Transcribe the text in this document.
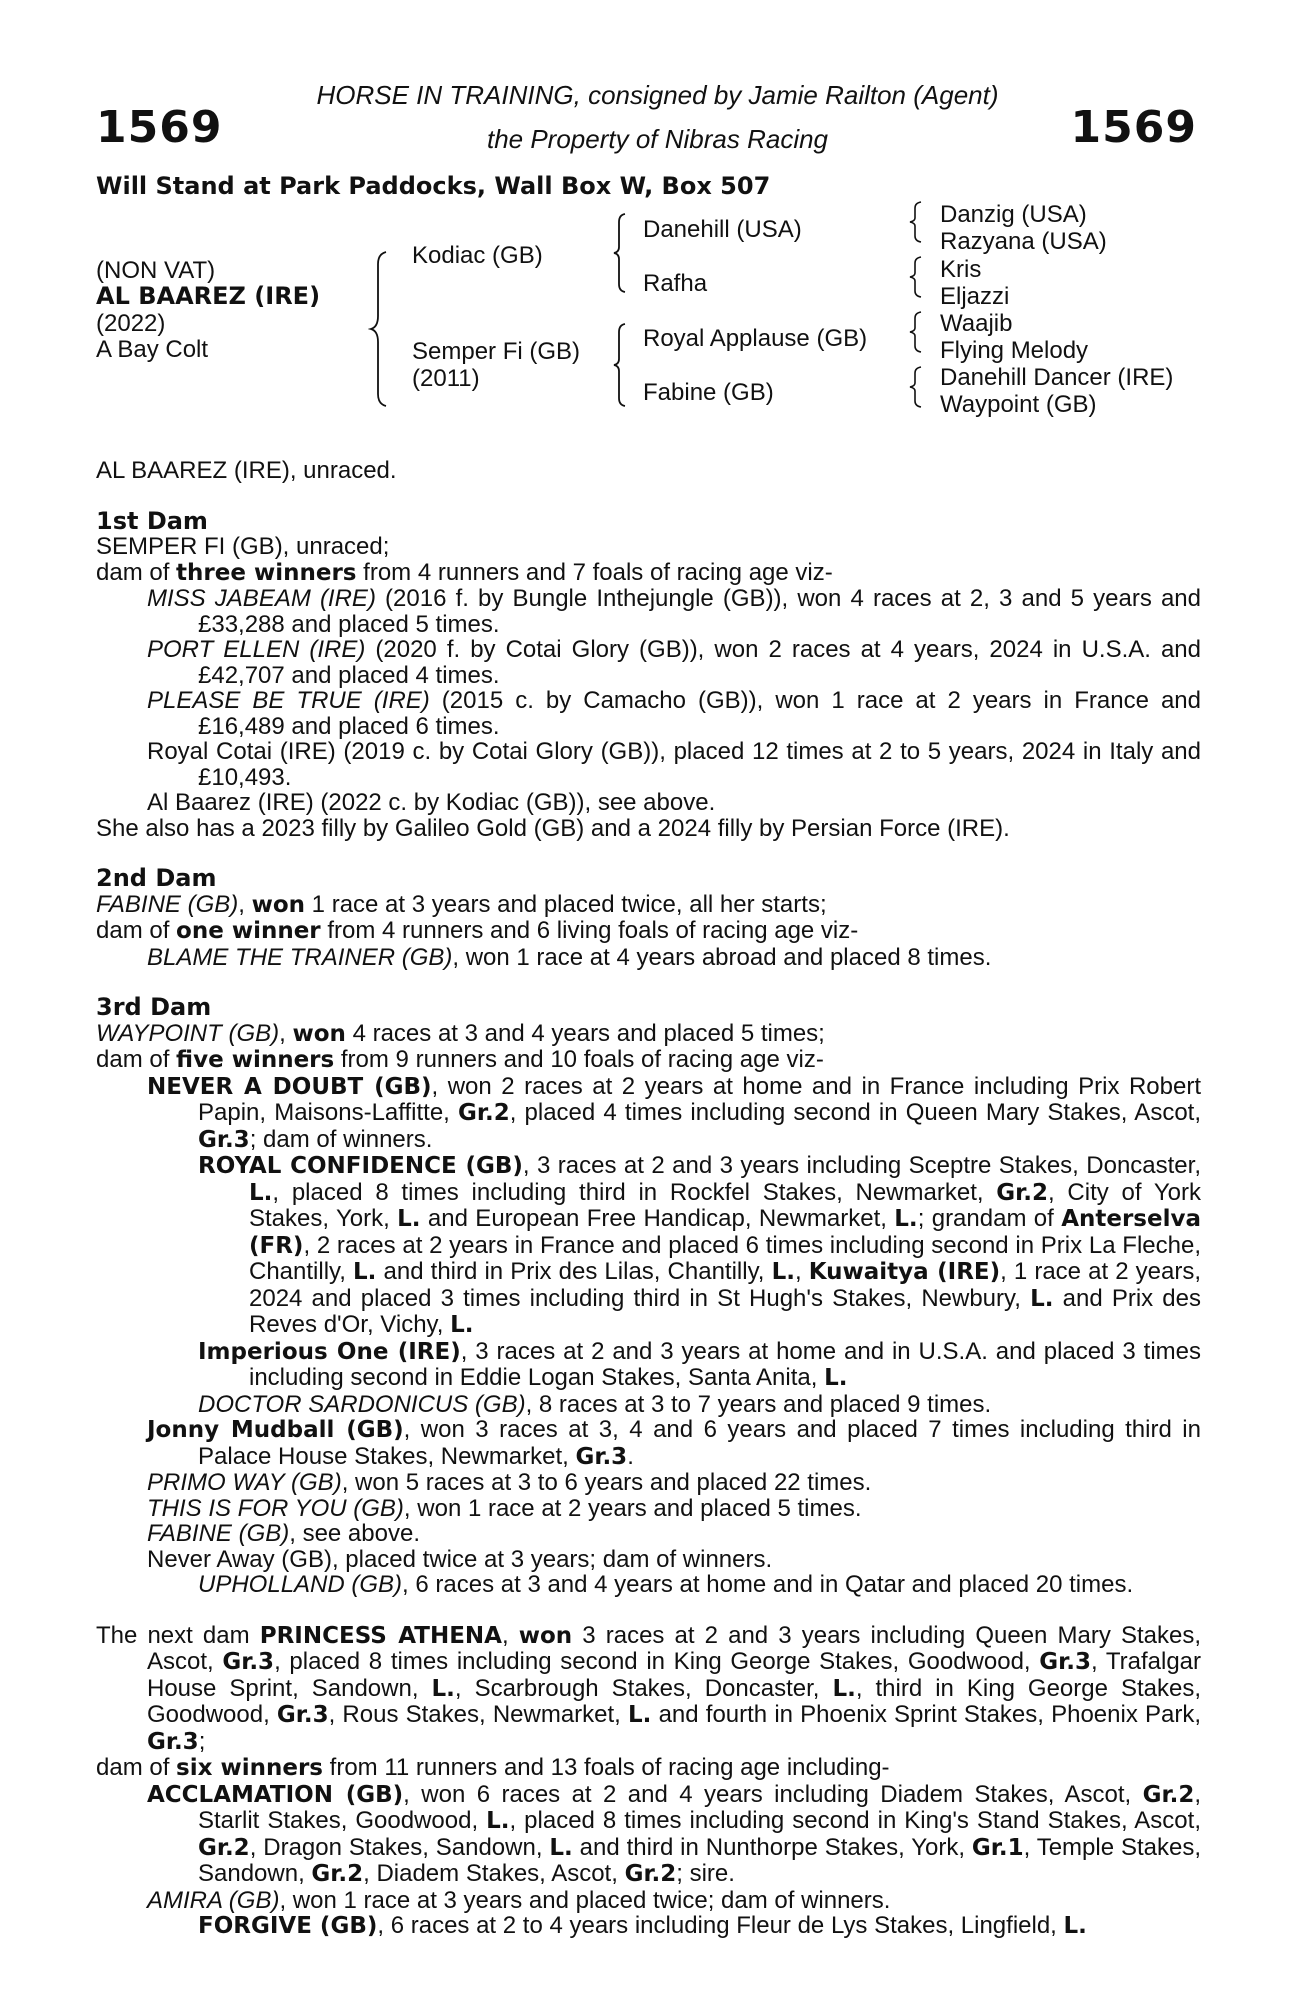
1569	1569
HORSE IN TRAINING, consigned by Jamie Railton (Agent)
the Property of Nibras Racing
Will Stand at Park Paddocks, Wall Box W, Box 507
(NON VAT)
AL BAAREZ (IRE)
(2022)
A Bay Colt
Kodiac (GB)
Semper Fi (GB)
(2011)
Danehill (USA)
Rafha
Royal Applause (GB)
Fabine (GB)
Danzig (USA)
Razyana (USA)
Kris
Eljazzi
Waajib
Flying Melody
Danehill Dancer (IRE)
Waypoint (GB)

AL BAAREZ (IRE), unraced.

1st Dam

SEMPER FI (GB), unraced;

dam of three winners from 4 runners and 7 foals of racing age viz-

MISS JABEAM (IRE) (2016 f. by Bungle Inthejungle (GB)), won 4 races at 2, 3 and 5 years and £33,288 and placed 5 times.

PORT ELLEN (IRE) (2020 f. by Cotai Glory (GB)), won 2 races at 4 years, 2024 in U.S.A. and £42,707 and placed 4 times.

PLEASE BE TRUE (IRE) (2015 c. by Camacho (GB)), won 1 race at 2 years in France and £16,489 and placed 6 times.

Royal Cotai (IRE) (2019 c. by Cotai Glory (GB)), placed 12 times at 2 to 5 years, 2024 in Italy and £10,493.

Al Baarez (IRE) (2022 c. by Kodiac (GB)), see above.

She also has a 2023 filly by Galileo Gold (GB) and a 2024 filly by Persian Force (IRE).

2nd Dam

FABINE (GB), won 1 race at 3 years and placed twice, all her starts;

dam of one winner from 4 runners and 6 living foals of racing age viz-

BLAME THE TRAINER (GB), won 1 race at 4 years abroad and placed 8 times.

3rd Dam

WAYPOINT (GB), won 4 races at 3 and 4 years and placed 5 times;

dam of five winners from 9 runners and 10 foals of racing age viz-

NEVER A DOUBT (GB), won 2 races at 2 years at home and in France including Prix Robert Papin, Maisons-Laffitte, Gr.2, placed 4 times including second in Queen Mary Stakes, Ascot, Gr.3; dam of winners.

ROYAL CONFIDENCE (GB), 3 races at 2 and 3 years including Sceptre Stakes, Doncaster, L., placed 8 times including third in Rockfel Stakes, Newmarket, Gr.2, City of York Stakes, York, L. and European Free Handicap, Newmarket, L.; grandam of Anterselva (FR), 2 races at 2 years in France and placed 6 times including second in Prix La Fleche, Chantilly, L. and third in Prix des Lilas, Chantilly, L., Kuwaitya (IRE), 1 race at 2 years, 2024 and placed 3 times including third in St Hugh's Stakes, Newbury, L. and Prix des Reves d'Or, Vichy, L.

Imperious One (IRE), 3 races at 2 and 3 years at home and in U.S.A. and placed 3 times including second in Eddie Logan Stakes, Santa Anita, L.

DOCTOR SARDONICUS (GB), 8 races at 3 to 7 years and placed 9 times.

Jonny Mudball (GB), won 3 races at 3, 4 and 6 years and placed 7 times including third in Palace House Stakes, Newmarket, Gr.3.

PRIMO WAY (GB), won 5 races at 3 to 6 years and placed 22 times.

THIS IS FOR YOU (GB), won 1 race at 2 years and placed 5 times.

FABINE (GB), see above.

Never Away (GB), placed twice at 3 years; dam of winners.

UPHOLLAND (GB), 6 races at 3 and 4 years at home and in Qatar and placed 20 times.

The next dam PRINCESS ATHENA, won 3 races at 2 and 3 years including Queen Mary Stakes, Ascot, Gr.3, placed 8 times including second in King George Stakes, Goodwood, Gr.3, Trafalgar House Sprint, Sandown, L., Scarbrough Stakes, Doncaster, L., third in King George Stakes, Goodwood, Gr.3, Rous Stakes, Newmarket, L. and fourth in Phoenix Sprint Stakes, Phoenix Park, Gr.3;

dam of six winners from 11 runners and 13 foals of racing age including-

ACCLAMATION (GB), won 6 races at 2 and 4 years including Diadem Stakes, Ascot, Gr.2, Starlit Stakes, Goodwood, L., placed 8 times including second in King's Stand Stakes, Ascot, Gr.2, Dragon Stakes, Sandown, L. and third in Nunthorpe Stakes, York, Gr.1, Temple Stakes, Sandown, Gr.2, Diadem Stakes, Ascot, Gr.2; sire.

AMIRA (GB), won 1 race at 3 years and placed twice; dam of winners.

FORGIVE (GB), 6 races at 2 to 4 years including Fleur de Lys Stakes, Lingfield, L.
